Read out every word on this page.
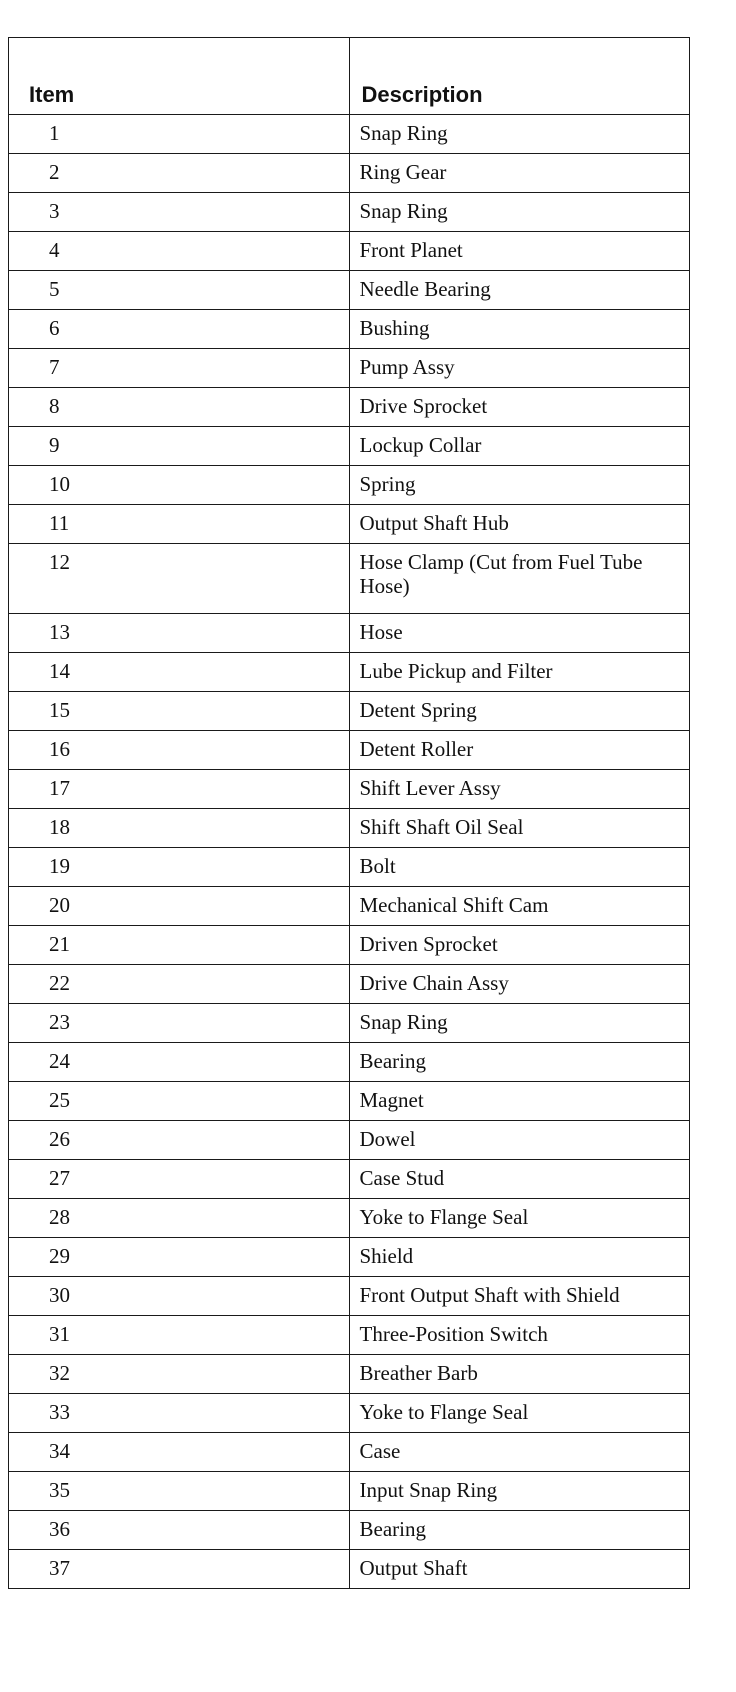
Item	Description
1	Snap Ring
2	Ring Gear
3	Snap Ring
4	Front Planet
5	Needle Bearing
6	Bushing
7	Pump Assy
8	Drive Sprocket
9	Lockup Collar
10	Spring
11	Output Shaft Hub
12	Hose Clamp (Cut from Fuel Tube Hose)
13	Hose
14	Lube Pickup and Filter
15	Detent Spring
16	Detent Roller
17	Shift Lever Assy
18	Shift Shaft Oil Seal
19	Bolt
20	Mechanical Shift Cam
21	Driven Sprocket
22	Drive Chain Assy
23	Snap Ring
24	Bearing
25	Magnet
26	Dowel
27	Case Stud
28	Yoke to Flange Seal
29	Shield
30	Front Output Shaft with Shield
31	Three-Position Switch
32	Breather Barb
33	Yoke to Flange Seal
34	Case
35	Input Snap Ring
36	Bearing
37	Output Shaft
